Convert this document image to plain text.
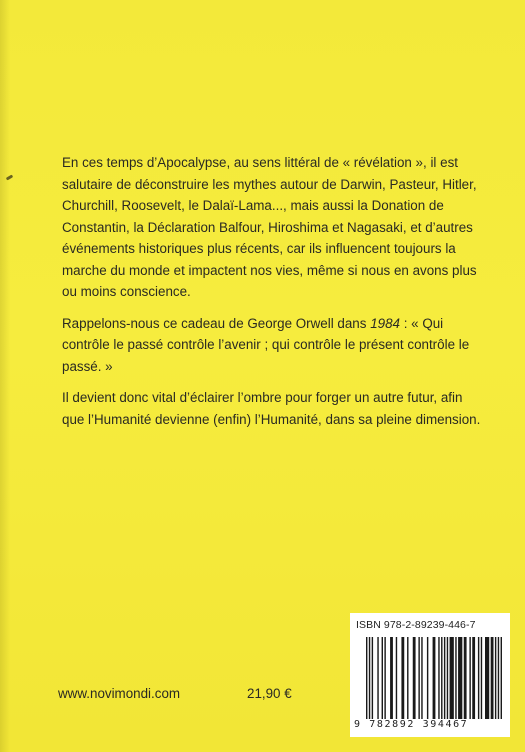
En ces temps d’Apocalypse, au sens littéral de « révélation », il est salutaire de déconstruire les mythes autour de Darwin, Pasteur, Hitler, Churchill, Roosevelt, le Dalaï-Lama..., mais aussi la Donation de Constantin, la Déclaration Balfour, Hiroshima et Nagasaki, et d’autres événements historiques plus récents, car ils influencent toujours la marche du monde et impactent nos vies, même si nous en avons plus ou moins conscience.

Rappelons-nous ce cadeau de George Orwell dans 1984 : « Qui contrôle le passé contrôle l’avenir ; qui contrôle le présent contrôle le passé. »

Il devient donc vital d’éclairer l’ombre pour forger un autre futur, afin que l’Humanité devienne (enfin) l’Humanité, dans sa pleine dimension.

ISBN 978-2-89239-446-7
9 782892 394467
www.novimondi.com	21,90 €
